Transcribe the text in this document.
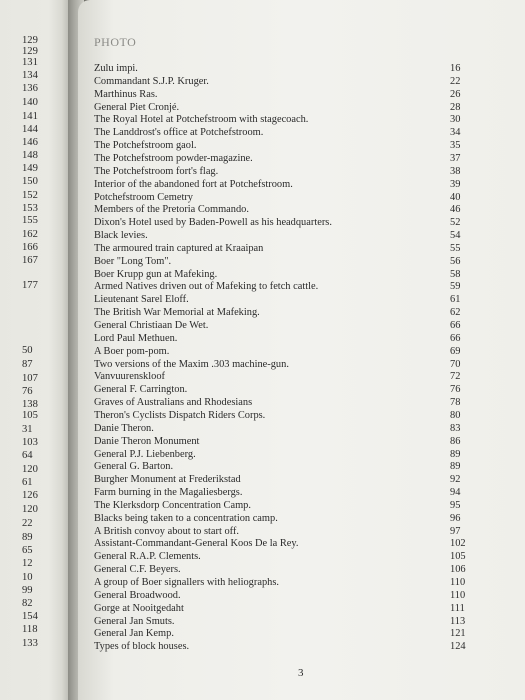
PHOTO
Zulu impi.	16
Commandant S.J.P. Kruger.	22
Marthinus Ras.	26
General Piet Cronjé.	28
The Royal Hotel at Potchefstroom with stagecoach.	30
The Landdrost's office at Potchefstroom.	34
The Potchefstroom gaol.	35
The Potchefstroom powder-magazine.	37
The Potchefstroom fort's flag.	38
Interior of the abandoned fort at Potchefstroom.	39
Potchefstroom Cemetry	40
Members of the Pretoria Commando.	46
Dixon's Hotel used by Baden-Powell as his headquarters.	52
Black levies.	54
The armoured train captured at Kraaipan	55
Boer "Long Tom".	56
Boer Krupp gun at Mafeking.	58
Armed Natives driven out of Mafeking to fetch cattle.	59
Lieutenant Sarel Eloff.	61
The British War Memorial at Mafeking.	62
General Christiaan De Wet.	66
Lord Paul Methuen.	66
A Boer pom-pom.	69
Two versions of the Maxim .303 machine-gun.	70
Vanvuurenskloof	72
General F. Carrington.	76
Graves of Australians and Rhodesians	78
Theron's Cyclists Dispatch Riders Corps.	80
Danie Theron.	83
Danie Theron Monument	86
General P.J. Liebenberg.	89
General G. Barton.	89
Burgher Monument at Frederikstad	92
Farm burning in the Magaliesbergs.	94
The Klerksdorp Concentration Camp.	95
Blacks being taken to a concentration camp.	96
A British convoy about to start off.	97
Assistant-Commandant-General Koos De la Rey.	102
General R.A.P. Clements.	105
General C.F. Beyers.	106
A group of Boer signallers with heliographs.	110
General Broadwood.	110
Gorge at Nooitgedaht	111
General Jan Smuts.	113
General Jan Kemp.	121
Types of block houses.	124
3
129
129
131
134
136
140
141
144
146
148
149
150
152
153
155
162
166
167
177
50
87
107
76
138
105
31
103
64
120
61
126
120
22
89
65
12
10
99
82
154
118
133
